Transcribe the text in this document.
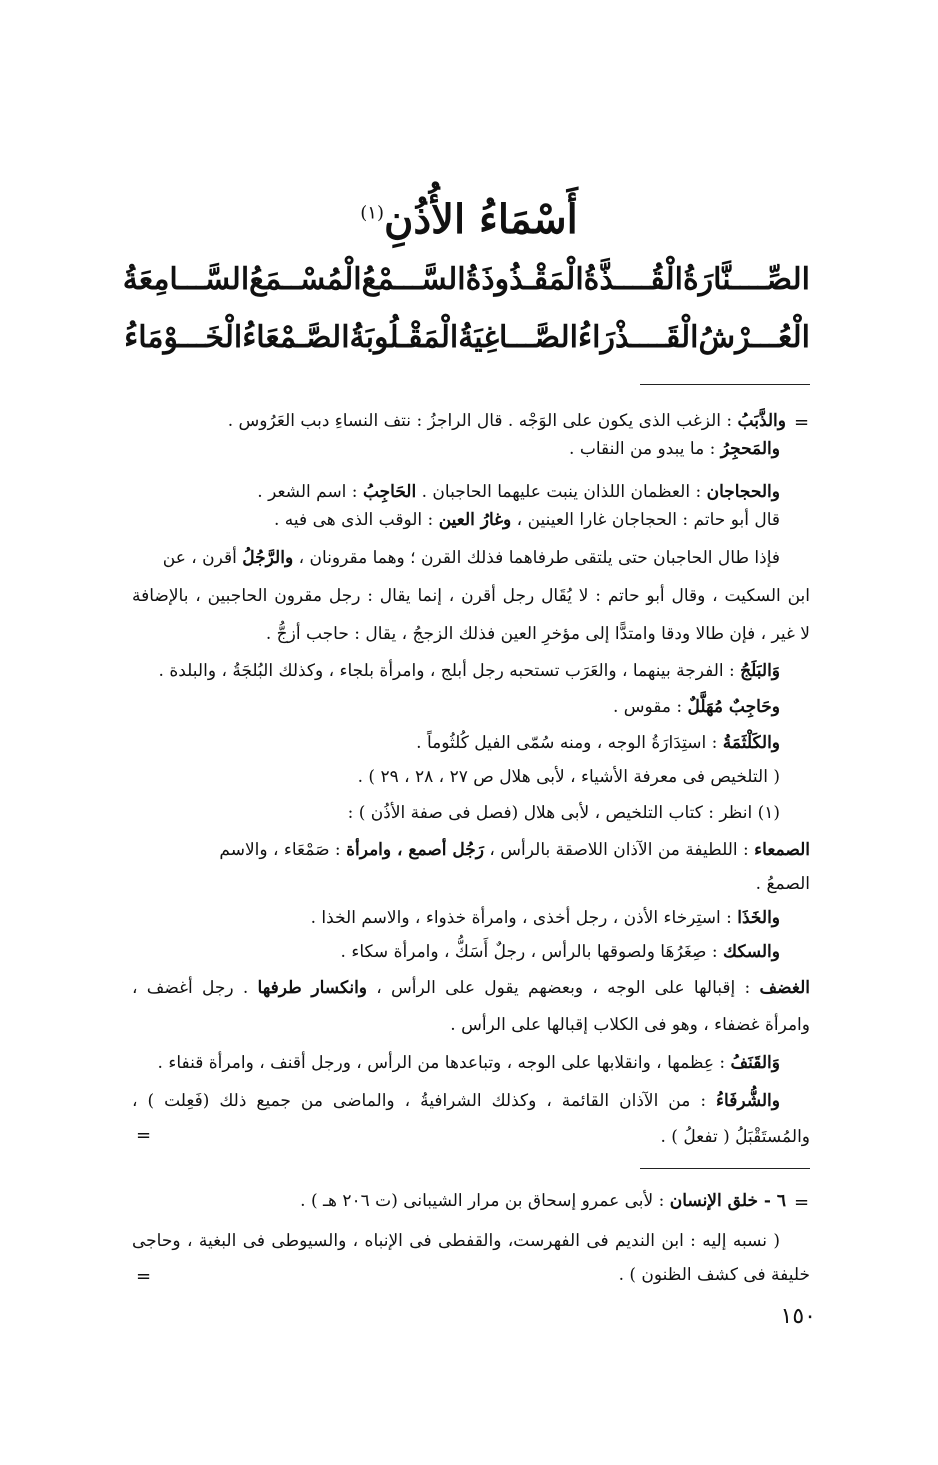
أَسْمَاءُ الأُذُنِ$^{(١)}$
الصِّــــنَّارَةُ
الْقُــــذَّةُ
الْمَقْـذُوذَةُ
السَّـــمْعُ
الْمُسْــمَعُ
السَّـــامِعَةُ
الْعُـــرْشُ
الْقَــــذْرَاءُ
الصَّـــاغِيَةُ
الْمَقْـلُوبَةُ
الصَّـمْعَاءُ
الْخَـــوْمَاءُ
=
والذَّبَبُ : الزغب الذى يكون على الوَجْه . قال الراجزُ : نتف النساءِ دبب العَرُوس .
والمَحجِرُ : ما يبدو من النقاب .
والحجاجان : العظمان اللذان ينبت عليهما الحاجبان . الحَاجِبُ : اسم الشعر .
قال أبو حاتم : الحجاجان غارا العينين ، وغارُ العين : الوقب الذى هى فيه .
فإذا طال الحاجبان حتى يلتقى طرفاهما فذلك القرن ؛ وهما مقرونان ، والرَّجُلُ أقرن ، عن
ابن السكيت ، وقال أبو حاتم : لا يُقَال رجل أقرن ، إنما يقال : رجل مقرون الحاجبين ، بالإضافة
لا غير ، فإن طالا ودقا وامتدًّا إلى مؤخرِ العين فذلك الزججُ ، يقال : حاجب أزجُّ .
وَالبَلَجُ : الفرجة بينهما ، والعَرَب تستحبه رجل أبلج ، وامرأة بلجاء ، وكذلك البُلجَةُ ، والبلدة .
وحَاجِبٌ مُهَلَّلٌ : مقوس .
والكَلْثَمَةُ : استِدَارَةُ الوجه ، ومنه سُمّى الفيل كُلثُوماً .
( التلخيص فى معرفة الأشياء ، لأبى هلال ص ٢٧ ، ٢٨ ، ٢٩ ) .
(١) انظر : كتاب التلخيص ، لأبى هلال (فصل فى صفة الأذُن ) :
الصمعاء : اللطيفة من الآذان اللاصقة بالرأس ، رَجُل أصمع ، وامرأة : صَمْعَاء ، والاسم
الصمعُ .
والخَذَا : استِرخاء الأذن ، رجل أخذى ، وامرأة خذواء ، والاسم الخذا .
والسكك : صِغَرُهَا ولصوقها بالرأس ، رجلٌ أَسَكُّ ، وامرأة سكاء .
الغضف : إقبالها على الوجه ، وبعضهم يقول على الرأس ، وانكسار طرفها . رجل أغضف ،
وامرأة غضفاء ، وهو فى الكلاب إقبالها على الرأس .
وَالقَنَفُ : عِظمها ، وانقلابها على الوجه ، وتباعدها من الرأس ، ورجل أقنف ، وامرأة قنفاء .
والشُّرفَاءُ : من الآذان القائمة ، وكذلك الشرافيةُ ، والماضى من جميع ذلك (فَعِلت ) ،
والمُستَقْبَلُ ( تفعلُ ) .
=
=
٦ - خلق الإنسان : لأبى عمرو إسحاق بن مرار الشيبانى (ت ٢٠٦ هـ ) .
( نسبه إليه : ابن النديم فى الفهرست، والقفطى فى الإنباه ، والسيوطى فى البغية ، وحاجى
خليفة فى كشف الظنون ) .
=
١٥٠
